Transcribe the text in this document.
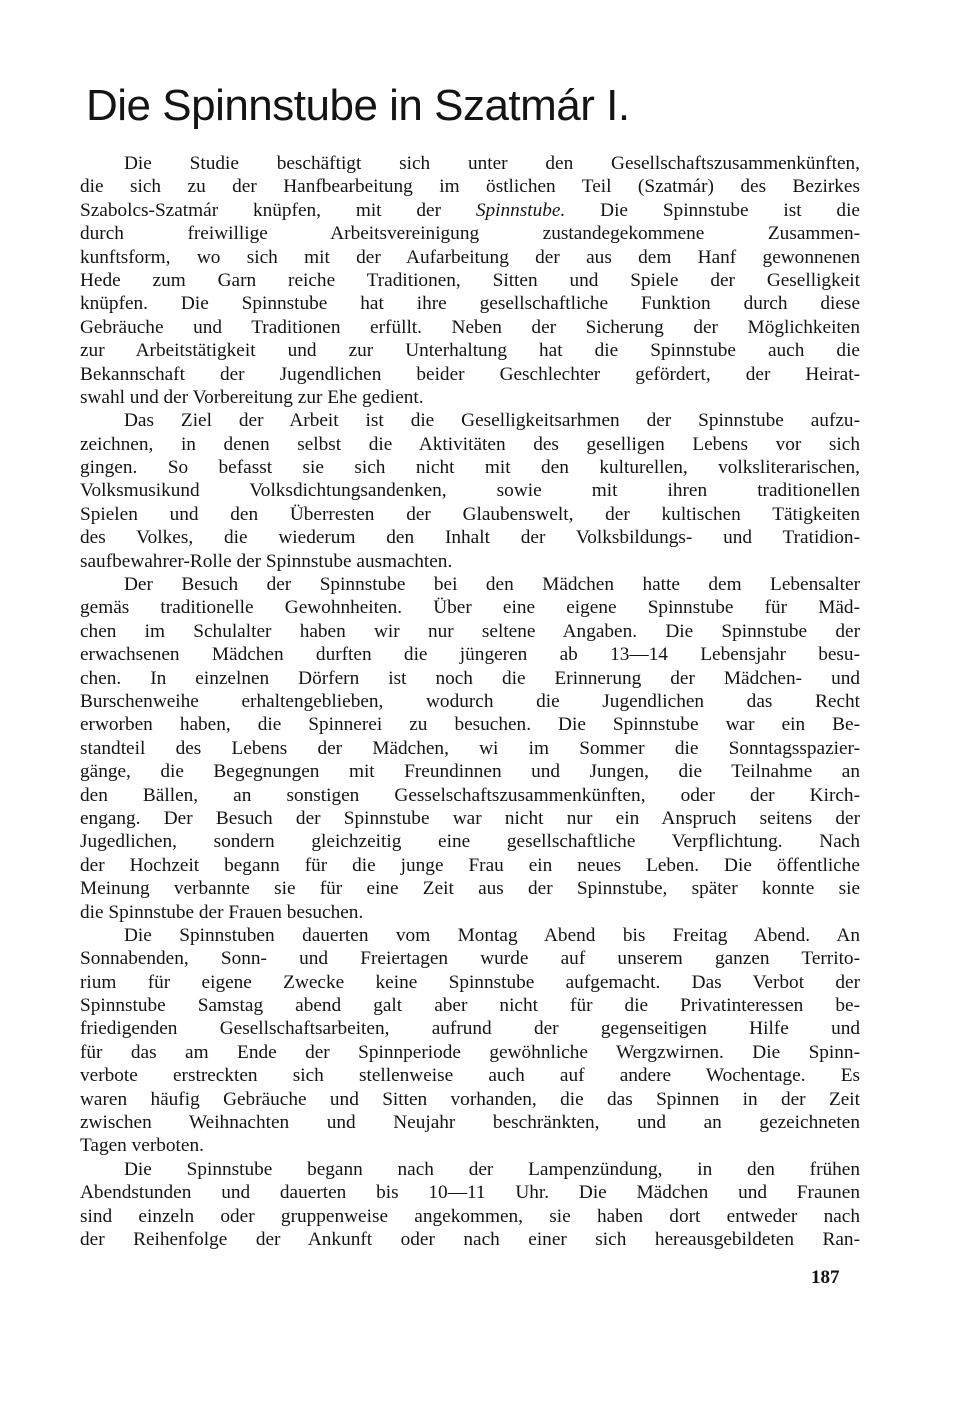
Die Spinnstube in Szatmár I.
Die Studie beschäftigt sich unter den Gesellschaftszusammenkünften,
die sich zu der Hanfbearbeitung im östlichen Teil (Szatmár) des Bezirkes
Szabolcs-Szatmár knüpfen, mit der Spinnstube. Die Spinnstube ist die
durch freiwillige Arbeitsvereinigung zustandegekommene Zusammen-
kunftsform, wo sich mit der Aufarbeitung der aus dem Hanf gewonnenen
Hede zum Garn reiche Traditionen, Sitten und Spiele der Geselligkeit
knüpfen. Die Spinnstube hat ihre gesellschaftliche Funktion durch diese
Gebräuche und Traditionen erfüllt. Neben der Sicherung der Möglichkeiten
zur Arbeitstätigkeit und zur Unterhaltung hat die Spinnstube auch die
Bekannschaft der Jugendlichen beider Geschlechter gefördert, der Heirat-
swahl und der Vorbereitung zur Ehe gedient.
Das Ziel der Arbeit ist die Geselligkeitsarhmen der Spinnstube aufzu-
zeichnen, in denen selbst die Aktivitäten des geselligen Lebens vor sich
gingen. So befasst sie sich nicht mit den kulturellen, volksliterarischen,
Volksmusikund Volksdichtungsandenken, sowie mit ihren traditionellen
Spielen und den Überresten der Glaubenswelt, der kultischen Tätigkeiten
des Volkes, die wiederum den Inhalt der Volksbildungs- und Tratidion-
saufbewahrer-Rolle der Spinnstube ausmachten.
Der Besuch der Spinnstube bei den Mädchen hatte dem Lebensalter
gemäs traditionelle Gewohnheiten. Über eine eigene Spinnstube für Mäd-
chen im Schulalter haben wir nur seltene Angaben. Die Spinnstube der
erwachsenen Mädchen durften die jüngeren ab 13—14 Lebensjahr besu-
chen. In einzelnen Dörfern ist noch die Erinnerung der Mädchen- und
Burschenweihe erhaltengeblieben, wodurch die Jugendlichen das Recht
erworben haben, die Spinnerei zu besuchen. Die Spinnstube war ein Be-
standteil des Lebens der Mädchen, wi im Sommer die Sonntagsspazier-
gänge, die Begegnungen mit Freundinnen und Jungen, die Teilnahme an
den Bällen, an sonstigen Gesselschaftszusammenkünften, oder der Kirch-
engang. Der Besuch der Spinnstube war nicht nur ein Anspruch seitens der
Jugedlichen, sondern gleichzeitig eine gesellschaftliche Verpflichtung. Nach
der Hochzeit begann für die junge Frau ein neues Leben. Die öffentliche
Meinung verbannte sie für eine Zeit aus der Spinnstube, später konnte sie
die Spinnstube der Frauen besuchen.
Die Spinnstuben dauerten vom Montag Abend bis Freitag Abend. An
Sonnabenden, Sonn- und Freiertagen wurde auf unserem ganzen Territo-
rium für eigene Zwecke keine Spinnstube aufgemacht. Das Verbot der
Spinnstube Samstag abend galt aber nicht für die Privatinteressen be-
friedigenden Gesellschaftsarbeiten, aufrund der gegenseitigen Hilfe und
für das am Ende der Spinnperiode gewöhnliche Wergzwirnen. Die Spinn-
verbote erstreckten sich stellenweise auch auf andere Wochentage. Es
waren häufig Gebräuche und Sitten vorhanden, die das Spinnen in der Zeit
zwischen Weihnachten und Neujahr beschränkten, und an gezeichneten
Tagen verboten.
Die Spinnstube begann nach der Lampenzündung, in den frühen
Abendstunden und dauerten bis 10—11 Uhr. Die Mädchen und Fraunen
sind einzeln oder gruppenweise angekommen, sie haben dort entweder nach
der Reihenfolge der Ankunft oder nach einer sich hereausgebildeten Ran-
187
